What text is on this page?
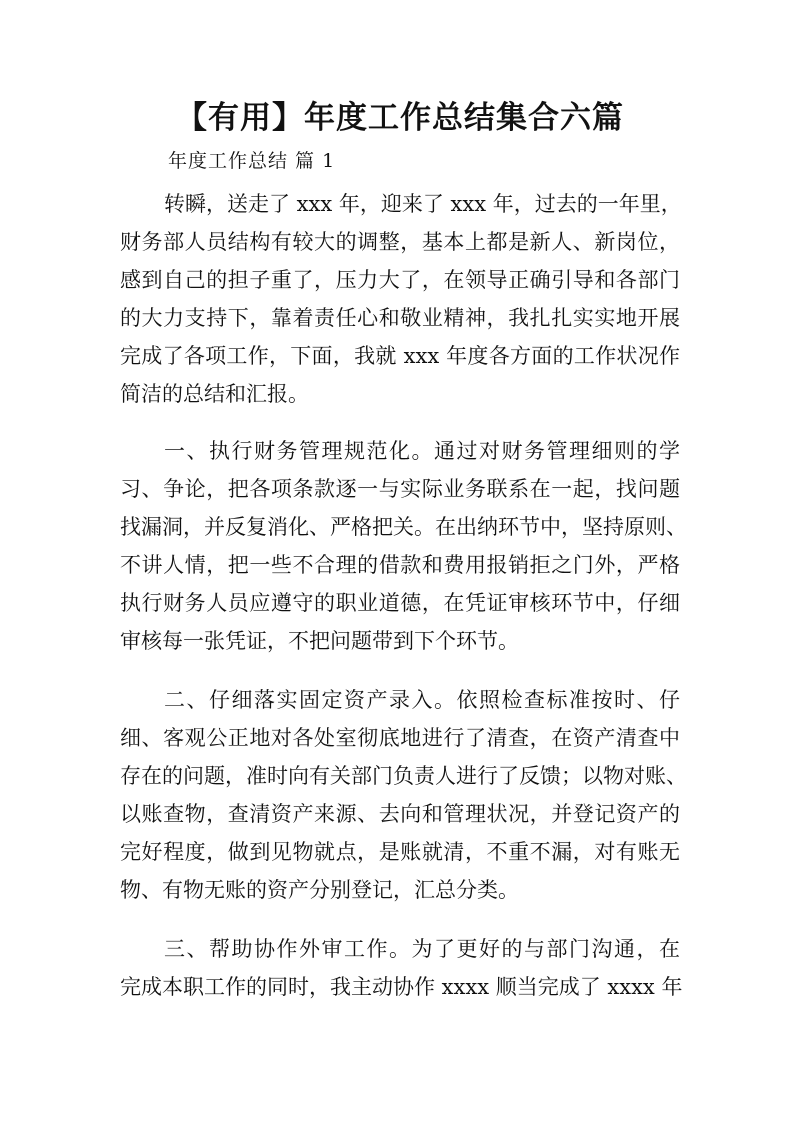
【有用】年度工作总结集合六篇
年度工作总结 篇 1
转瞬，送走了 xxx 年，迎来了 xxx 年，过去的一年里，
财务部人员结构有较大的调整，基本上都是新人、新岗位，
感到自己的担子重了，压力大了，在领导正确引导和各部门
的大力支持下，靠着责任心和敬业精神，我扎扎实实地开展
完成了各项工作，下面，我就 xxx 年度各方面的工作状况作
简洁的总结和汇报。
一、执行财务管理规范化。通过对财务管理细则的学
习、争论，把各项条款逐一与实际业务联系在一起，找问题
找漏洞，并反复消化、严格把关。在出纳环节中，坚持原则、
不讲人情，把一些不合理的借款和费用报销拒之门外，严格
执行财务人员应遵守的职业道德，在凭证审核环节中，仔细
审核每一张凭证，不把问题带到下个环节。
二、仔细落实固定资产录入。依照检查标准按时、仔
细、客观公正地对各处室彻底地进行了清查，在资产清查中
存在的问题，准时向有关部门负责人进行了反馈；以物对账、
以账查物，查清资产来源、去向和管理状况，并登记资产的
完好程度，做到见物就点，是账就清，不重不漏，对有账无
物、有物无账的资产分别登记，汇总分类。
三、帮助协作外审工作。为了更好的与部门沟通，在
完成本职工作的同时，我主动协作 xxxx 顺当完成了 xxxx 年
